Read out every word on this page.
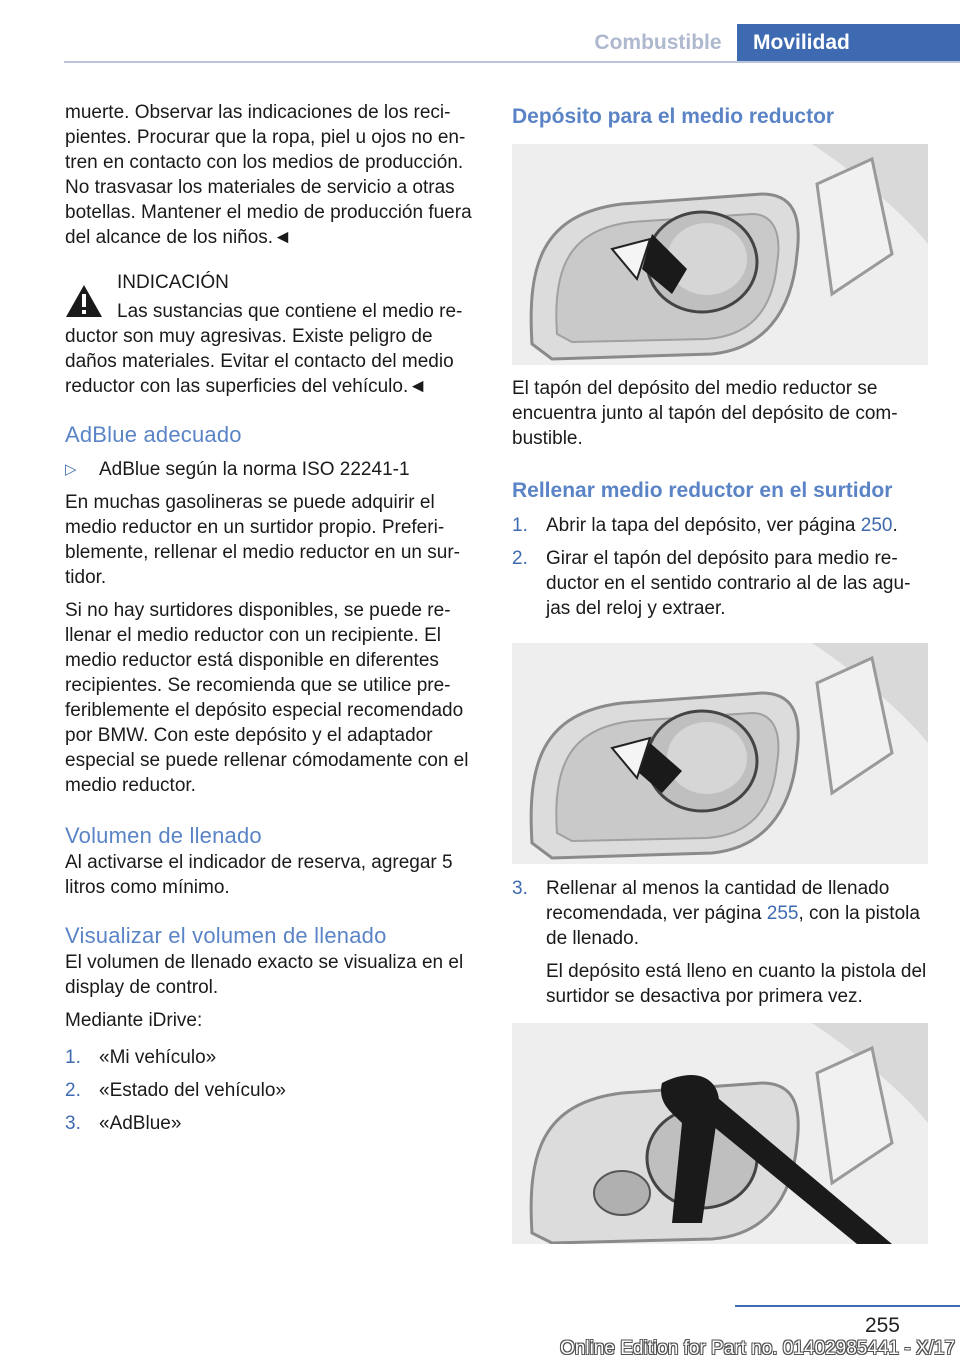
Combustible	Movilidad

muerte. Observar las indicaciones de los recipientes. Procurar que la ropa, piel u ojos no entren en contacto con los medios de producción. No trasvasar los materiales de servicio a otras botellas. Mantener el medio de producción fuera del alcance de los niños.◄

INDICACIÓN

Las sustancias que contiene el medio reductor son muy agresivas. Existe peligro de daños materiales. Evitar el contacto del medio reductor con las superficies del vehículo.◄

AdBlue adecuado
▷ AdBlue según la norma ISO 22241-1

En muchas gasolineras se puede adquirir el medio reductor en un surtidor propio. Preferiblemente, rellenar el medio reductor en un surtidor.

Si no hay surtidores disponibles, se puede rellenar el medio reductor con un recipiente. El medio reductor está disponible en diferentes recipientes. Se recomienda que se utilice preferiblemente el depósito especial recomendado por BMW. Con este depósito y el adaptador especial se puede rellenar cómodamente con el medio reductor.

Volumen de llenado

Al activarse el indicador de reserva, agregar 5 litros como mínimo.

Visualizar el volumen de llenado

El volumen de llenado exacto se visualiza en el display de control.

Mediante iDrive:

1. «Mi vehículo»
2. «Estado del vehículo»
3. «AdBlue»
Depósito para el medio reductor

El tapón del depósito del medio reductor se encuentra junto al tapón del depósito de combustible.

Rellenar medio reductor en el surtidor
1. Abrir la tapa del depósito, ver página 250.
2. Girar el tapón del depósito para medio reductor en el sentido contrario al de las agujas del reloj y extraer.
3. Rellenar al menos la cantidad de llenado recomendada, ver página 255, con la pistola de llenado.
El depósito está lleno en cuanto la pistola del surtidor se desactiva por primera vez.
255
Online Edition for Part no. 01402985441 - X/17
